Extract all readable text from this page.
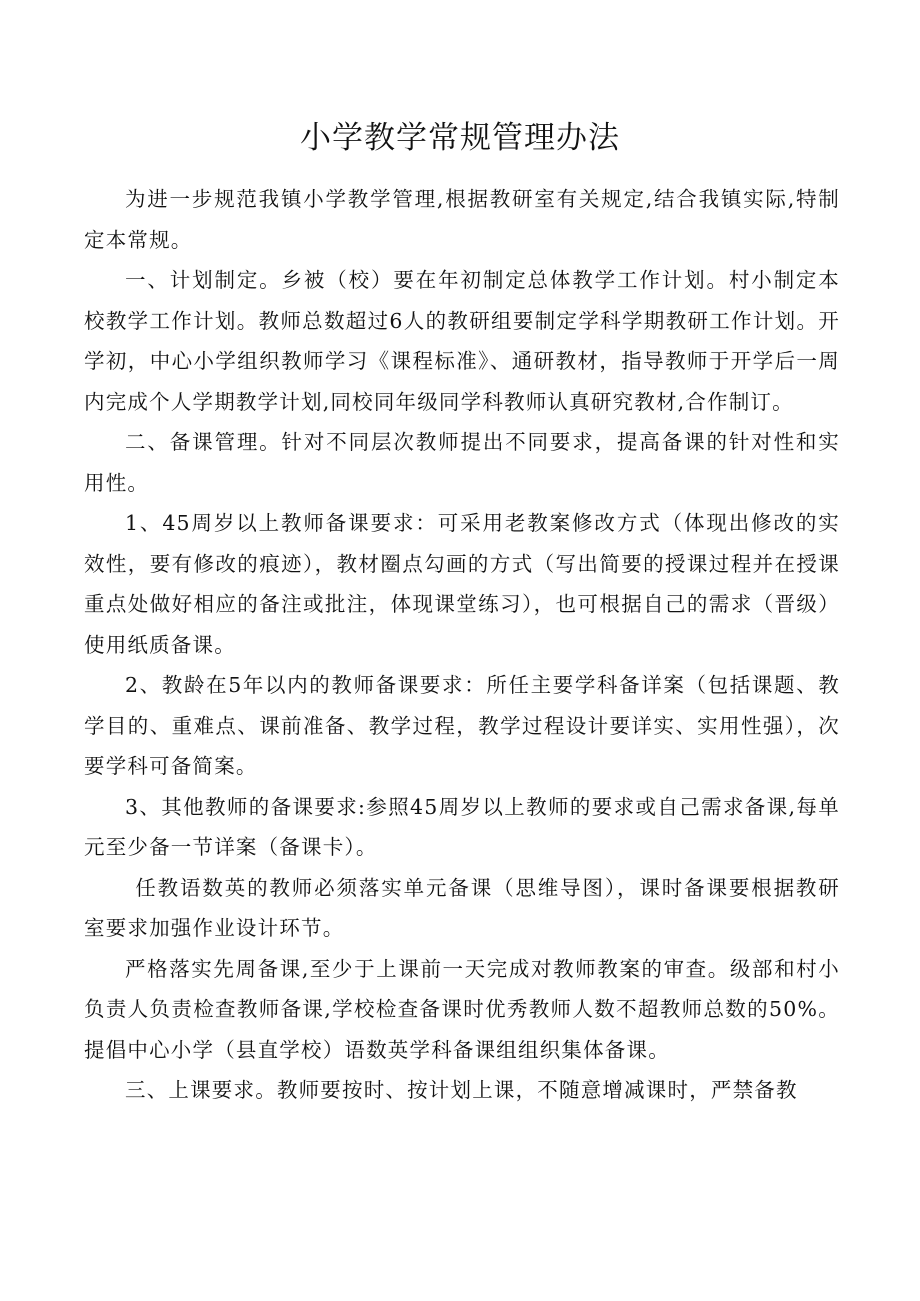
小学教学常规管理办法

为进一步规范我镇小学教学管理,根据教研室有关规定,结合我镇实际,特制定本常规。

一、计划制定。乡被（校）要在年初制定总体教学工作计划。村小制定本校教学工作计划。教师总数超过6人的教研组要制定学科学期教研工作计划。开学初，中心小学组织教师学习《课程标准》、通研教材，指导教师于开学后一周内完成个人学期教学计划,同校同年级同学科教师认真研究教材,合作制订。

二、备课管理。针对不同层次教师提出不同要求，提高备课的针对性和实用性。

1、45周岁以上教师备课要求：可采用老教案修改方式（体现出修改的实效性，要有修改的痕迹），教材圈点勾画的方式（写出简要的授课过程并在授课重点处做好相应的备注或批注，体现课堂练习），也可根据自己的需求（晋级）使用纸质备课。

2、教龄在5年以内的教师备课要求：所任主要学科备详案（包括课题、教学目的、重难点、课前准备、教学过程，教学过程设计要详实、实用性强），次要学科可备简案。

3、其他教师的备课要求:参照45周岁以上教师的要求或自己需求备课,每单元至少备一节详案（备课卡）。

任教语数英的教师必须落实单元备课（思维导图），课时备课要根据教研室要求加强作业设计环节。

严格落实先周备课,至少于上课前一天完成对教师教案的审查。级部和村小负责人负责检查教师备课,学校检查备课时优秀教师人数不超教师总数的50%。提倡中心小学（县直学校）语数英学科备课组组织集体备课。

三、上课要求。教师要按时、按计划上课，不随意增减课时，严禁备教
